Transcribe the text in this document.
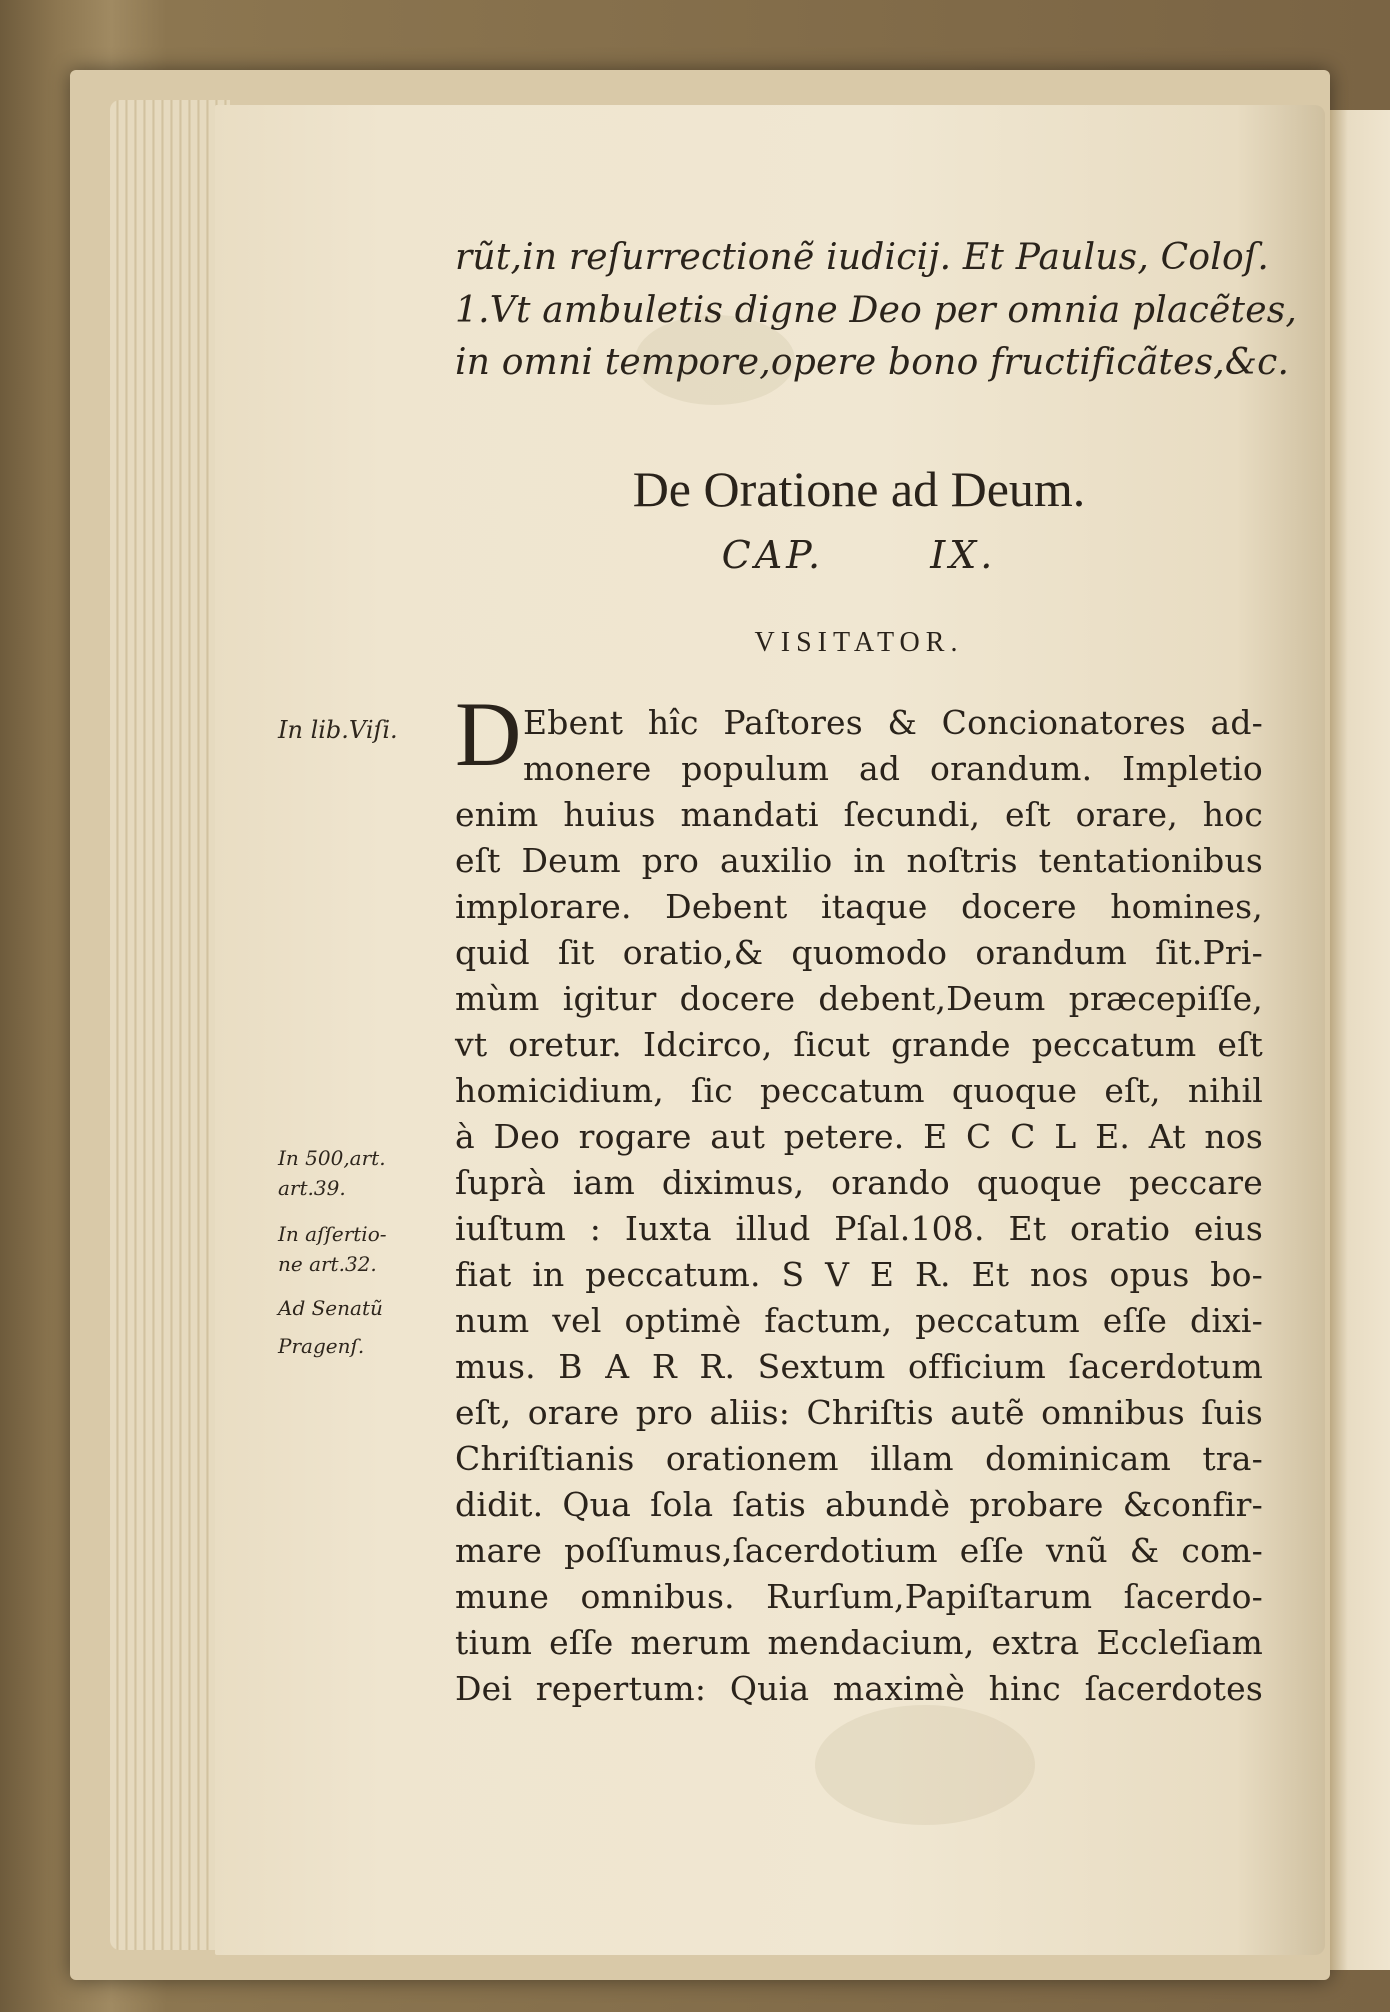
rũt,in reſurrectionẽ iudicij. Et Paulus, Coloſ.
1.Vt ambuletis digne Deo per omnia placẽtes,
in omni tempore,opere bono fructificãtes,&c.
De Oratione ad Deum.
CAP. IX.
VISITATOR.
D Ebent hîc Paſtores & Concionatores ad-
monere populum ad orandum. Impletio
enim huius mandati ſecundi, eſt orare, hoc
eſt Deum pro auxilio in noſtris tentationibus
implorare. Debent itaque docere homines,
quid ſit oratio,& quomodo orandum ſit.Pri-
mùm igitur docere debent,Deum præcepiſſe,
vt oretur. Idcirco, ſicut grande peccatum eſt
homicidium, ſic peccatum quoque eſt, nihil
à Deo rogare aut petere. E C C L E. At nos
ſuprà iam diximus, orando quoque peccare
iuſtum : Iuxta illud Pſal.108. Et oratio eius
fiat in peccatum. S V E R. Et nos opus bo-
num vel optimè factum, peccatum eſſe dixi-
mus. B A R R. Sextum officium ſacerdotum
eſt, orare pro aliis: Chriſtis autẽ omnibus ſuis
Chriſtianis orationem illam dominicam tra-
didit. Qua ſola ſatis abundè probare &confir-
mare poſſumus,ſacerdotium eſſe vnũ & com-
mune omnibus. Rurſum,Papiſtarum ſacerdo-
tium eſſe merum mendacium, extra Eccleſiam
Dei repertum: Quia maximè hinc ſacerdotes
In lib.Viſi.
In 500,art.
art.39.
In aſſertio-
ne art.32.
Ad Senatũ
Pragenſ.
